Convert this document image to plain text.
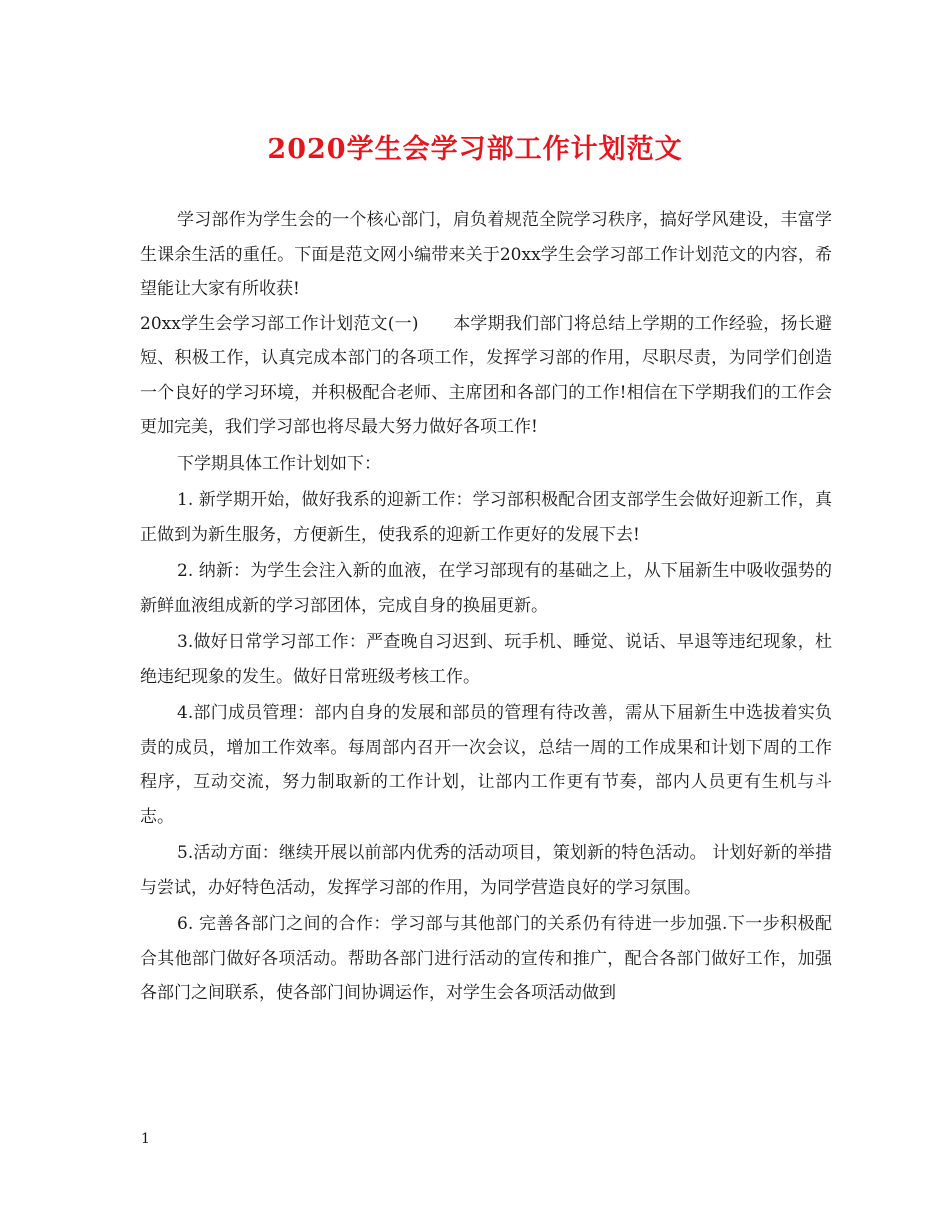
2020学生会学习部工作计划范文

学习部作为学生会的一个核心部门，肩负着规范全院学习秩序，搞好学风建设，丰富学生课余生活的重任。下面是范文网小编带来关于20xx学生会学习部工作计划范文的内容，希望能让大家有所收获!

20xx学生会学习部工作计划范文(一)　　本学期我们部门将总结上学期的工作经验，扬长避短、积极工作，认真完成本部门的各项工作，发挥学习部的作用，尽职尽责，为同学们创造一个良好的学习环境，并积极配合老师、主席团和各部门的工作!相信在下学期我们的工作会更加完美，我们学习部也将尽最大努力做好各项工作!

下学期具体工作计划如下：

1. 新学期开始，做好我系的迎新工作：学习部积极配合团支部学生会做好迎新工作，真正做到为新生服务，方便新生，使我系的迎新工作更好的发展下去!

2. 纳新：为学生会注入新的血液，在学习部现有的基础之上，从下届新生中吸收强势的新鲜血液组成新的学习部团体，完成自身的换届更新。

3.做好日常学习部工作：严查晚自习迟到、玩手机、睡觉、说话、早退等违纪现象，杜绝违纪现象的发生。做好日常班级考核工作。

4.部门成员管理：部内自身的发展和部员的管理有待改善，需从下届新生中选拔着实负责的成员，增加工作效率。每周部内召开一次会议，总结一周的工作成果和计划下周的工作程序，互动交流，努力制取新的工作计划，让部内工作更有节奏，部内人员更有生机与斗志。

5.活动方面：继续开展以前部内优秀的活动项目，策划新的特色活动。 计划好新的举措与尝试，办好特色活动，发挥学习部的作用，为同学营造良好的学习氛围。

6. 完善各部门之间的合作：学习部与其他部门的关系仍有待进一步加强.下一步积极配合其他部门做好各项活动。帮助各部门进行活动的宣传和推广，配合各部门做好工作，加强各部门之间联系，使各部门间协调运作，对学生会各项活动做到

1
